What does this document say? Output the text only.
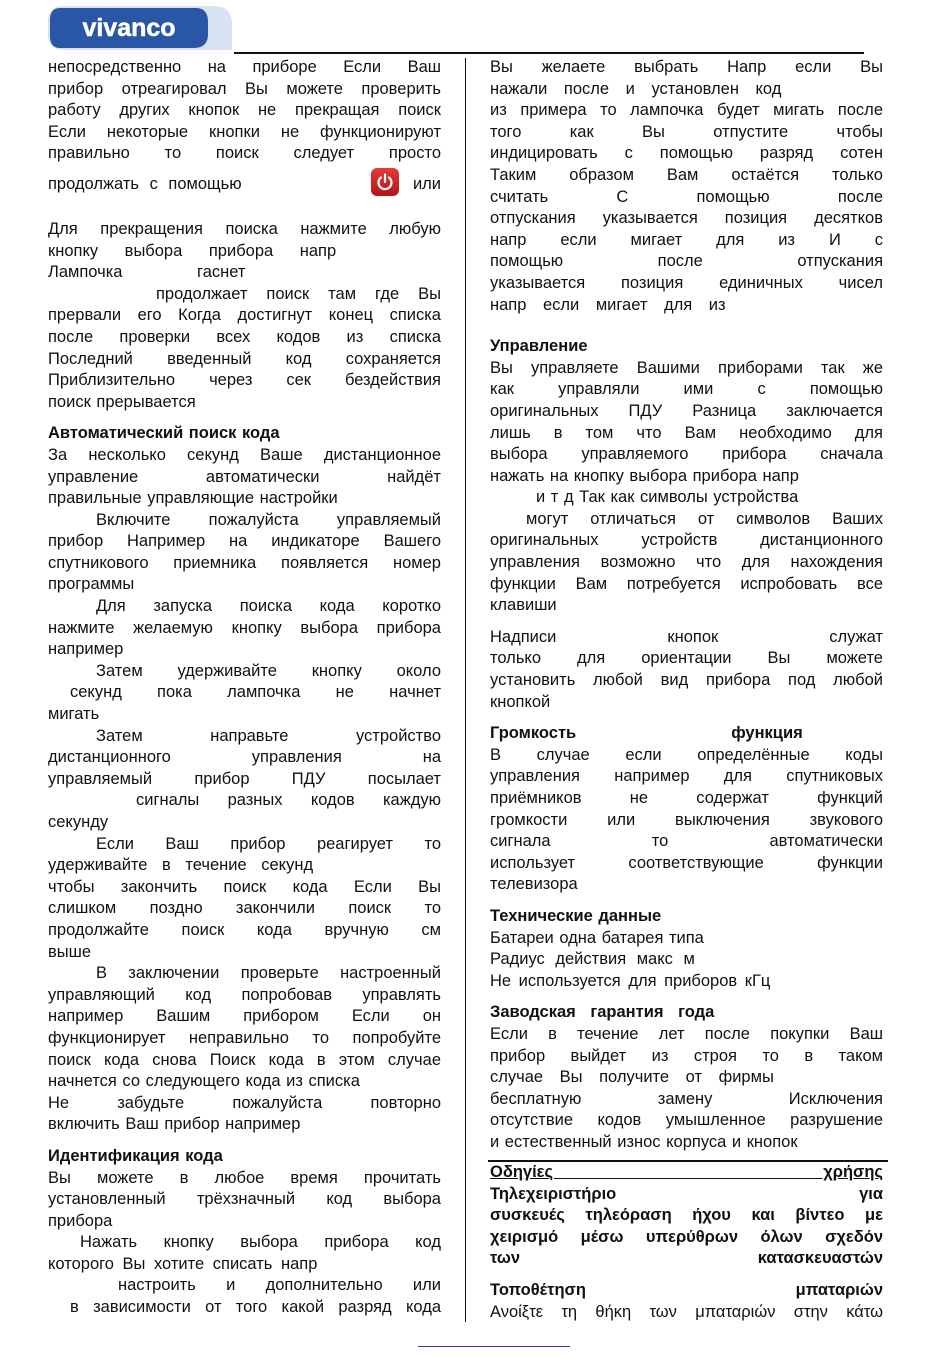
vivanco

непосредственно на приборе Если Ваш

прибор отреагировал Вы можете проверить

работу других кнопок не прекращая поиск

Если некоторые кнопки не функционируют

правильно то поиск следует просто

продолжать с помощью	или

Для прекращения поиска нажмите любую

кнопку выбора прибора напр

Лампочка гаснет

продолжает поиск там где Вы

прервали его Когда достигнут конец списка

после проверки всех кодов из списка

Последний введенный код сохраняется

Приблизительно через сек бездействия

поиск прерывается

Автоматический поиск кода

За несколько секунд Ваше дистанционное

управление автоматически найдёт

правильные управляющие настройки

Включите пожалуйста управляемый

прибор Например на индикаторе Вашего

спутникового приемника появляется номер

программы

Для запуска поиска кода коротко

нажмите желаемую кнопку выбора прибора

например

Затем удерживайте кнопку около

секунд пока лампочка не начнет

мигать

Затем направьте устройство

дистанционного управления на

управляемый прибор ПДУ посылает

сигналы разных кодов каждую

секунду

Если Ваш прибор реагирует то

удерживайте в течение секунд

чтобы закончить поиск кода Если Вы

слишком поздно закончили поиск то

продолжайте поиск кода вручную см

выше

В заключении проверьте настроенный

управляющий код попробовав управлять

например Вашим прибором Если он

функционирует неправильно то попробуйте

поиск кода снова Поиск кода в этом случае

начнется со следующего кода из списка

Не забудьте пожалуйста повторно

включить Ваш прибор например

Идентификация кода

Вы можете в любое время прочитать

установленный трёхзначный код выбора

прибора

Нажать кнопку выбора прибора код

которого Вы хотите списать напр

настроить и дополнительно или

в зависимости от того какой разряд кода

Вы желаете выбрать Напр если Вы

нажали после и установлен код

из примера то лампочка будет мигать после

того как Вы отпустите чтобы

индицировать с помощью разряд сотен

Таким образом Вам остаётся только

считать С помощью после

отпускания указывается позиция десятков

напр если мигает для из И с

помощью после отпускания

указывается позиция единичных чисел

напр если мигает для из

Управление

Вы управляете Вашими приборами так же

как управляли ими с помощью

оригинальных ПДУ Разница заключается

лишь в том что Вам необходимо для

выбора управляемого прибора сначала

нажать на кнопку выбора прибора напр

и т д Так как символы устройства

могут отличаться от символов Ваших

оригинальных устройств дистанционного

управления возможно что для нахождения

функции Вам потребуется испробовать все

клавиши

Надписи кнопок служат

только для ориентации Вы можете

установить любой вид прибора под любой

кнопкой

Громкость	функция

В случае если определённые коды

управления например для спутниковых

приёмников не содержат функций

громкости или выключения звукового

сигнала то автоматически

использует соответствующие функции

телевизора

Технические данные

Батареи одна батарея типа

Радиус действия макс м

Не используется для приборов кГц

Заводская гарантия года

Если в течение лет после покупки Ваш

прибор выйдет из строя то в таком

случае Вы получите от фирмы

бесплатную замену Исключения

отсутствие кодов умышленное разрушение

и естественный износ корпуса и кнопок

Οδηγίες χρήσης

Τηλεχειριστήριο για

συσκευές τηλεόραση ήχου και βίντεο με

χειρισμό μέσω υπερύθρων όλων σχεδόν

των κατασκευαστών

Τοποθέτηση μπαταριών

Ανοίξτε τη θήκη των μπαταριών στην κάτω
